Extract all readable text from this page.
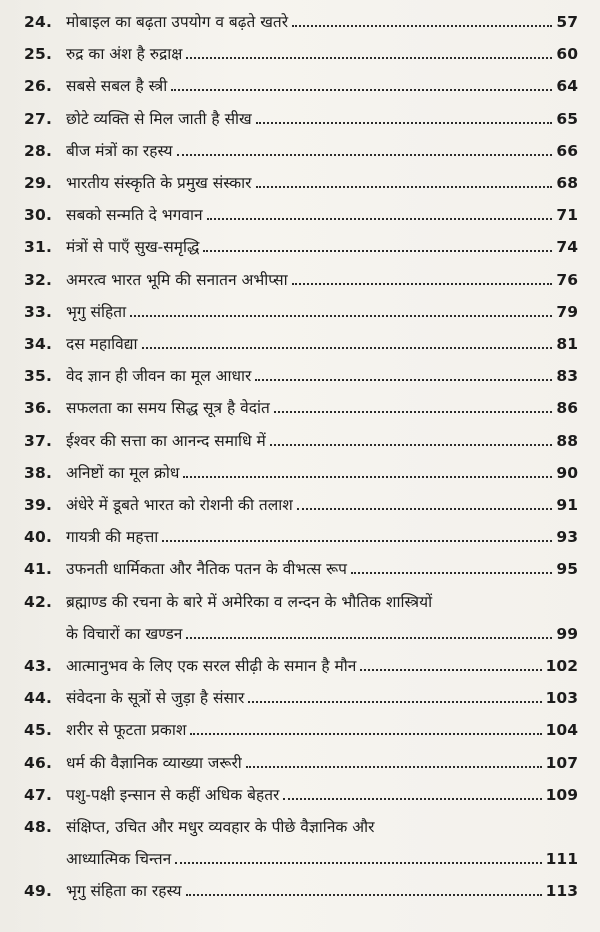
24. मोबाइल का बढ़ता उपयोग व बढ़ते खतरे	57
25. रुद्र का अंश है रुद्राक्ष	60
26. सबसे सबल है स्त्री	64
27. छोटे व्यक्ति से मिल जाती है सीख	65
28. बीज मंत्रों का रहस्य	66
29. भारतीय संस्कृति के प्रमुख संस्कार	68
30. सबको सन्मति दे भगवान	71
31. मंत्रों से पाएँ सुख-समृद्धि	74
32. अमरत्व भारत भूमि की सनातन अभीप्सा	76
33. भृगु संहिता	79
34. दस महाविद्या	81
35. वेद ज्ञान ही जीवन का मूल आधार	83
36. सफलता का समय सिद्ध सूत्र है वेदांत	86
37. ईश्वर की सत्ता का आनन्द समाधि में	88
38. अनिष्टों का मूल क्रोध	90
39. अंधेरे में डूबते भारत को रोशनी की तलाश	91
40. गायत्री की महत्ता	93
41. उफनती धार्मिकता और नैतिक पतन के वीभत्स रूप	95
42. ब्रह्माण्ड की रचना के बारे में अमेरिका व लन्दन के भौतिक शास्त्रियों
के विचारों का खण्डन	99
43. आत्मानुभव के लिए एक सरल सीढ़ी के समान है मौन	102
44. संवेदना के सूत्रों से जुड़ा है संसार	103
45. शरीर से फूटता प्रकाश	104
46. धर्म की वैज्ञानिक व्याख्या जरूरी	107
47. पशु-पक्षी इन्सान से कहीं अधिक बेहतर	109
48. संक्षिप्त, उचित और मधुर व्यवहार के पीछे वैज्ञानिक और
आध्यात्मिक चिन्तन	111
49. भृगु संहिता का रहस्य	113
